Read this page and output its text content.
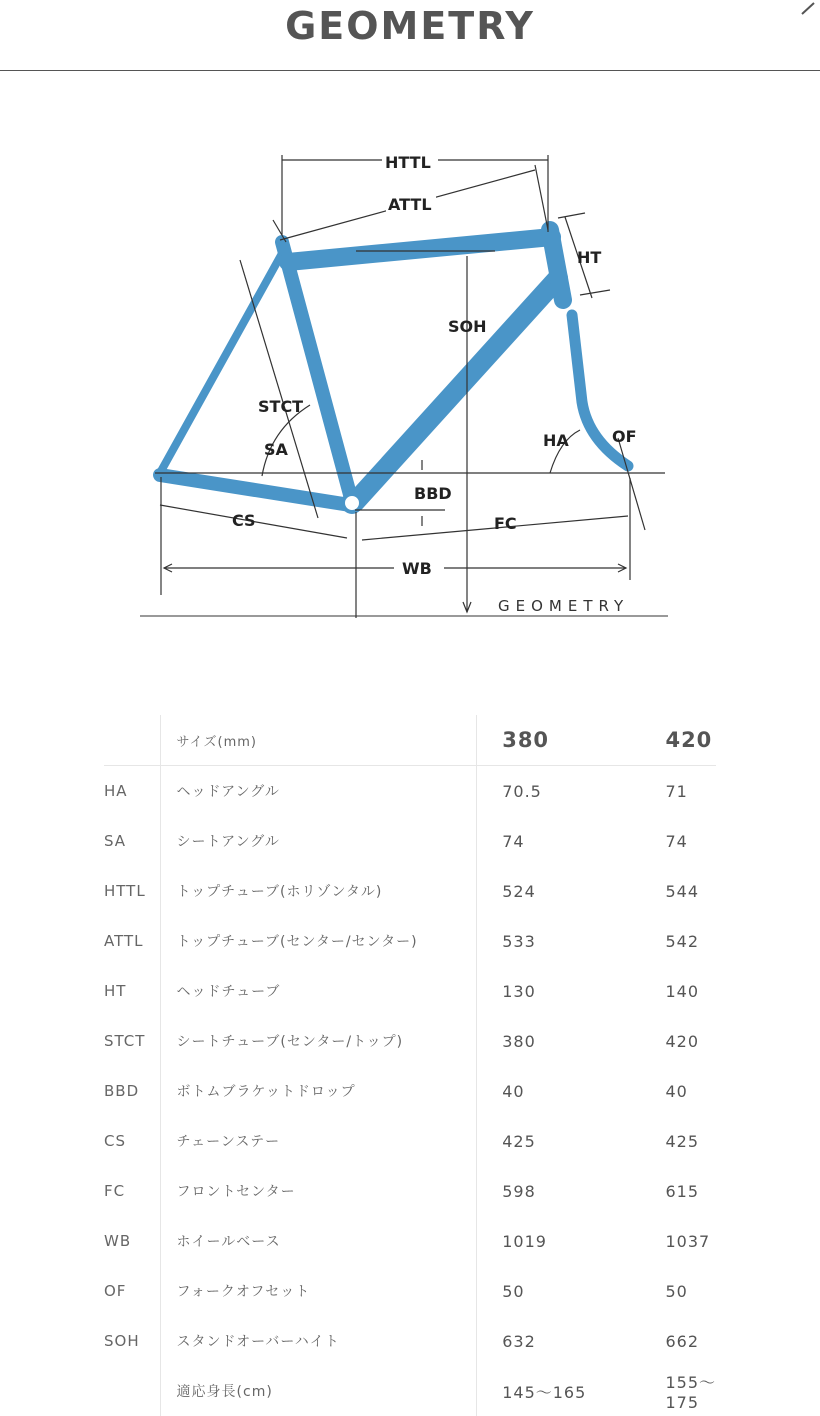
GEOMETRY
HTTL
ATTL
HT
SOH
STCT
SA	HA	OF
BBD
CS	FC
WB
GEOMETRY
	サイズ(mm)	380	420
HA	ヘッドアングル	70.5	71
SA	シートアングル	74	74
HTTL	トップチューブ(ホリゾンタル)	524	544
ATTL	トップチューブ(センター/センター)	533	542
HT	ヘッドチューブ	130	140
STCT	シートチューブ(センター/トップ)	380	420
BBD	ボトムブラケットドロップ	40	40
CS	チェーンステー	425	425
FC	フロントセンター	598	615
WB	ホイールベース	1019	1037
OF	フォークオフセット	50	50
SOH	スタンドオーバーハイト	632	662
	適応身長(cm)	145〜165	155〜175
